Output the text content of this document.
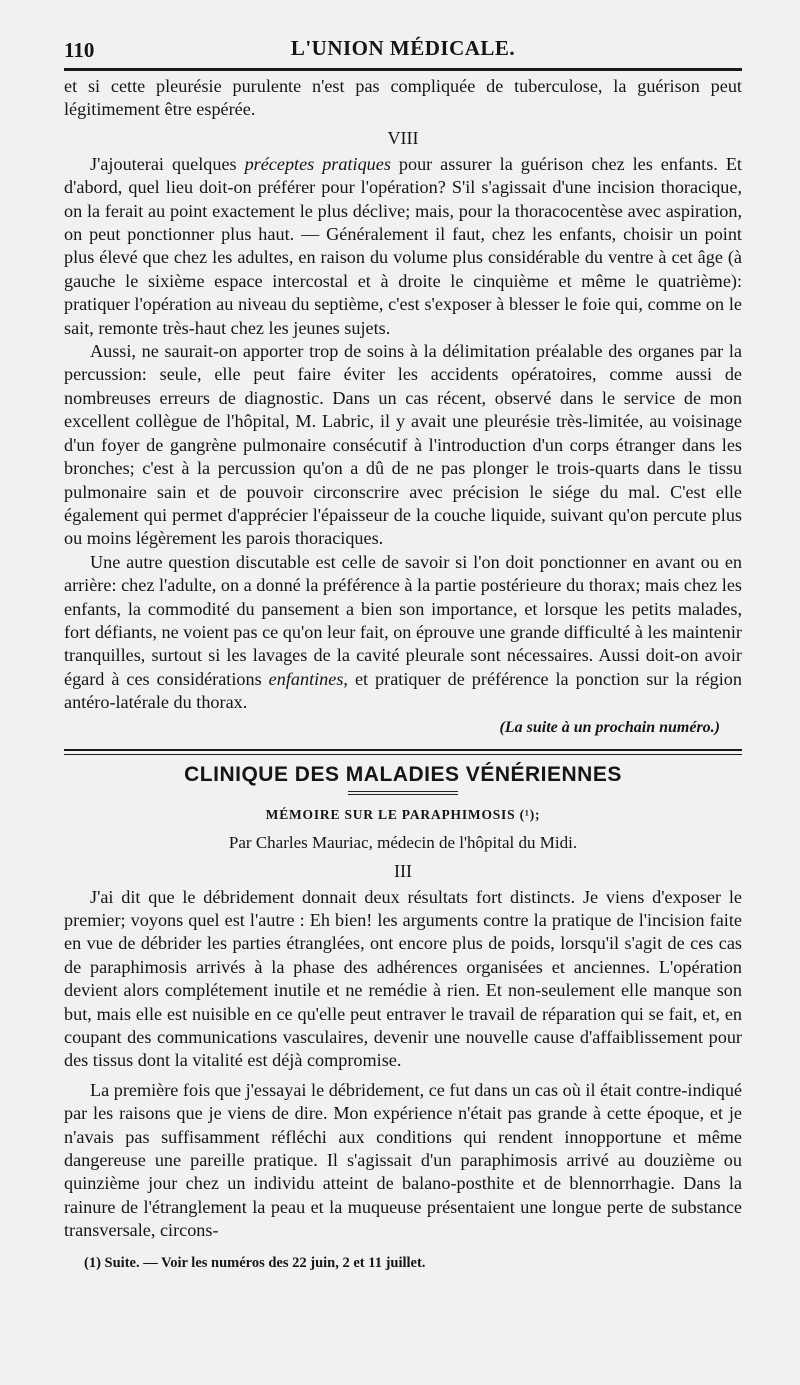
110	L'UNION MÉDICALE.

et si cette pleurésie purulente n'est pas compliquée de tuberculose, la guérison peut légitimement être espérée.

VIII

J'ajouterai quelques préceptes pratiques pour assurer la guérison chez les enfants. Et d'abord, quel lieu doit-on préférer pour l'opération? S'il s'agissait d'une incision thoracique, on la ferait au point exactement le plus déclive; mais, pour la thoracocentèse avec aspiration, on peut ponctionner plus haut. — Généralement il faut, chez les enfants, choisir un point plus élevé que chez les adultes, en raison du volume plus considérable du ventre à cet âge (à gauche le sixième espace intercostal et à droite le cinquième et même le quatrième): pratiquer l'opération au niveau du septième, c'est s'exposer à blesser le foie qui, comme on le sait, remonte très-haut chez les jeunes sujets.

Aussi, ne saurait-on apporter trop de soins à la délimitation préalable des organes par la percussion: seule, elle peut faire éviter les accidents opératoires, comme aussi de nombreuses erreurs de diagnostic. Dans un cas récent, observé dans le service de mon excellent collègue de l'hôpital, M. Labric, il y avait une pleurésie très-limitée, au voisinage d'un foyer de gangrène pulmonaire consécutif à l'introduction d'un corps étranger dans les bronches; c'est à la percussion qu'on a dû de ne pas plonger le trois-quarts dans le tissu pulmonaire sain et de pouvoir circonscrire avec précision le siége du mal. C'est elle également qui permet d'apprécier l'épaisseur de la couche liquide, suivant qu'on percute plus ou moins légèrement les parois thoraciques.

Une autre question discutable est celle de savoir si l'on doit ponctionner en avant ou en arrière: chez l'adulte, on a donné la préférence à la partie postérieure du thorax; mais chez les enfants, la commodité du pansement a bien son importance, et lorsque les petits malades, fort défiants, ne voient pas ce qu'on leur fait, on éprouve une grande difficulté à les maintenir tranquilles, surtout si les lavages de la cavité pleurale sont nécessaires. Aussi doit-on avoir égard à ces considérations enfantines, et pratiquer de préférence la ponction sur la région antéro-latérale du thorax.

(La suite à un prochain numéro.)
CLINIQUE DES MALADIES VÉNÉRIENNES
MÉMOIRE SUR LE PARAPHIMOSIS (¹);
Par Charles Mauriac, médecin de l'hôpital du Midi.
III

J'ai dit que le débridement donnait deux résultats fort distincts. Je viens d'exposer le premier; voyons quel est l'autre : Eh bien! les arguments contre la pratique de l'incision faite en vue de débrider les parties étranglées, ont encore plus de poids, lorsqu'il s'agit de ces cas de paraphimosis arrivés à la phase des adhérences organisées et anciennes. L'opération devient alors complétement inutile et ne remédie à rien. Et non-seulement elle manque son but, mais elle est nuisible en ce qu'elle peut entraver le travail de réparation qui se fait, et, en coupant des communications vasculaires, devenir une nouvelle cause d'affaiblissement pour des tissus dont la vitalité est déjà compromise.

La première fois que j'essayai le débridement, ce fut dans un cas où il était contre-indiqué par les raisons que je viens de dire. Mon expérience n'était pas grande à cette époque, et je n'avais pas suffisamment réfléchi aux conditions qui rendent innopportune et même dangereuse une pareille pratique. Il s'agissait d'un paraphimosis arrivé au douzième ou quinzième jour chez un individu atteint de balano-posthite et de blennorrhagie. Dans la rainure de l'étranglement la peau et la muqueuse présentaient une longue perte de substance transversale, circons-

(1) Suite. — Voir les numéros des 22 juin, 2 et 11 juillet.
